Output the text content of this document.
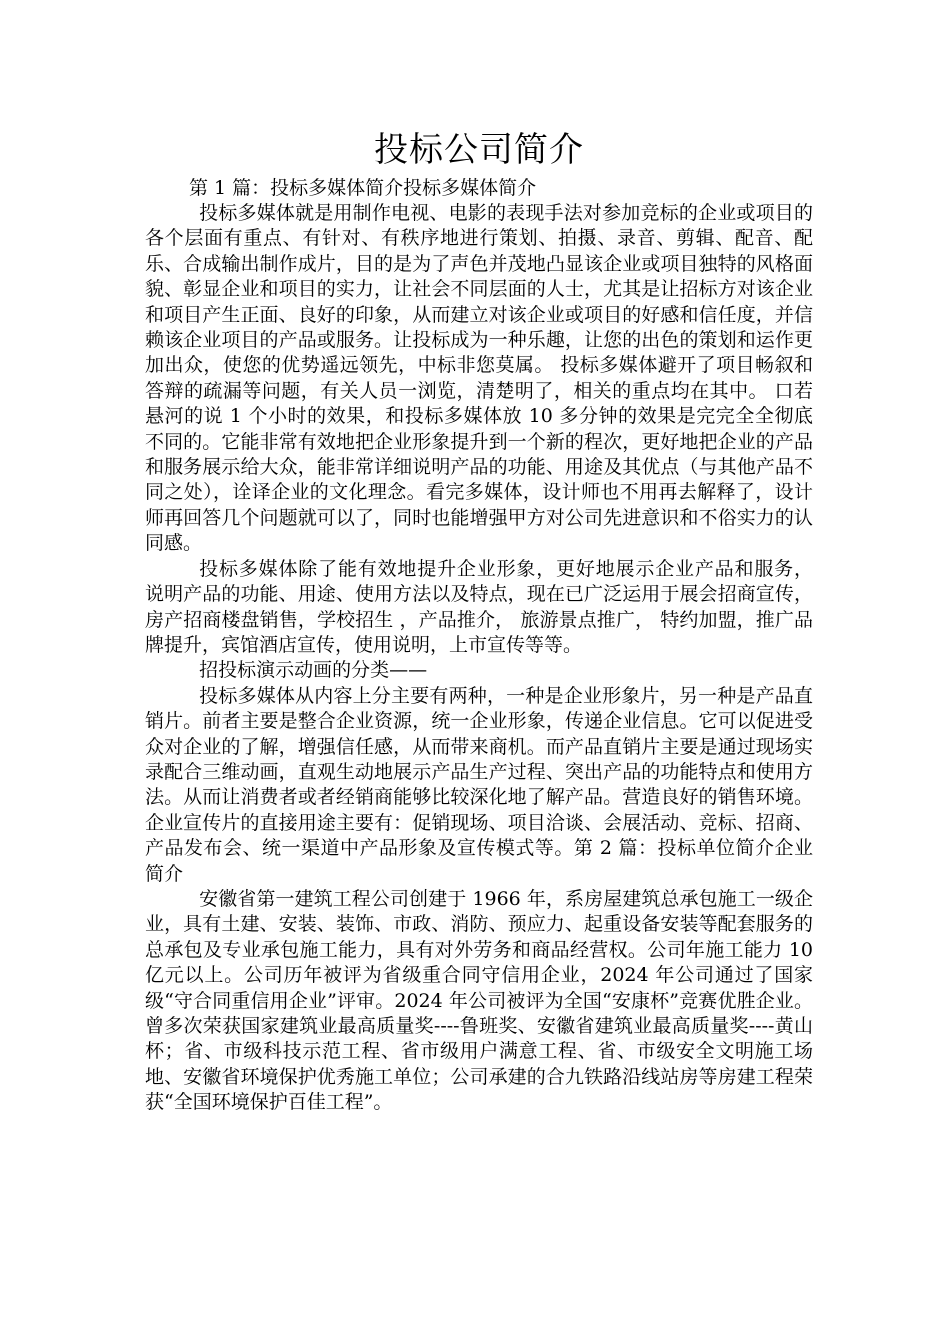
投标公司简介

第 1 篇：投标多媒体简介投标多媒体简介

投标多媒体就是用制作电视、电影的表现手法对参加竞标的企业或项目的各个层面有重点、有针对、有秩序地进行策划、拍摄、录音、剪辑、配音、配乐、合成输出制作成片，目的是为了声色并茂地凸显该企业或项目独特的风格面貌、彰显企业和项目的实力，让社会不同层面的人士，尤其是让招标方对该企业和项目产生正面、良好的印象，从而建立对该企业或项目的好感和信任度，并信赖该企业项目的产品或服务。让投标成为一种乐趣，让您的出色的策划和运作更加出众，使您的优势遥远领先，中标非您莫属。 投标多媒体避开了项目畅叙和答辩的疏漏等问题，有关人员一浏览，清楚明了，相关的重点均在其中。 口若悬河的说 1 个小时的效果，和投标多媒体放 10 多分钟的效果是完完全全彻底不同的。它能非常有效地把企业形象提升到一个新的程次，更好地把企业的产品和服务展示给大众，能非常详细说明产品的功能、用途及其优点（与其他产品不同之处），诠译企业的文化理念。看完多媒体，设计师也不用再去解释了，设计师再回答几个问题就可以了，同时也能增强甲方对公司先进意识和不俗实力的认同感。

投标多媒体除了能有效地提升企业形象，更好地展示企业产品和服务， 说明产品的功能、用途、使用方法以及特点，现在已广泛运用于展会招商宣传， 房产招商楼盘销售，学校招生 ，产品推介， 旅游景点推广， 特约加盟，推广品牌提升，宾馆酒店宣传，使用说明，上市宣传等等。

招投标演示动画的分类——

投标多媒体从内容上分主要有两种，一种是企业形象片，另一种是产品直销片。前者主要是整合企业资源，统一企业形象，传递企业信息。它可以促进受众对企业的了解，增强信任感，从而带来商机。而产品直销片主要是通过现场实录配合三维动画，直观生动地展示产品生产过程、突出产品的功能特点和使用方法。从而让消费者或者经销商能够比较深化地了解产品。营造良好的销售环境。企业宣传片的直接用途主要有：促销现场、项目洽谈、会展活动、竞标、招商、产品发布会、统一渠道中产品形象及宣传模式等。第 2 篇：投标单位简介企业简介

安徽省第一建筑工程公司创建于 1966 年，系房屋建筑总承包施工一级企业，具有土建、安装、装饰、市政、消防、预应力、起重设备安装等配套服务的总承包及专业承包施工能力，具有对外劳务和商品经营权。公司年施工能力 10 亿元以上。公司历年被评为省级重合同守信用企业，2024 年公司通过了国家级“守合同重信用企业”评审。2024 年公司被评为全国“安康杯”竞赛优胜企业。曾多次荣获国家建筑业最高质量奖----鲁班奖、安徽省建筑业最高质量奖----黄山杯；省、市级科技示范工程、省市级用户满意工程、省、市级安全文明施工场地、安徽省环境保护优秀施工单位；公司承建的合九铁路沿线站房等房建工程荣获“全国环境保护百佳工程”。
